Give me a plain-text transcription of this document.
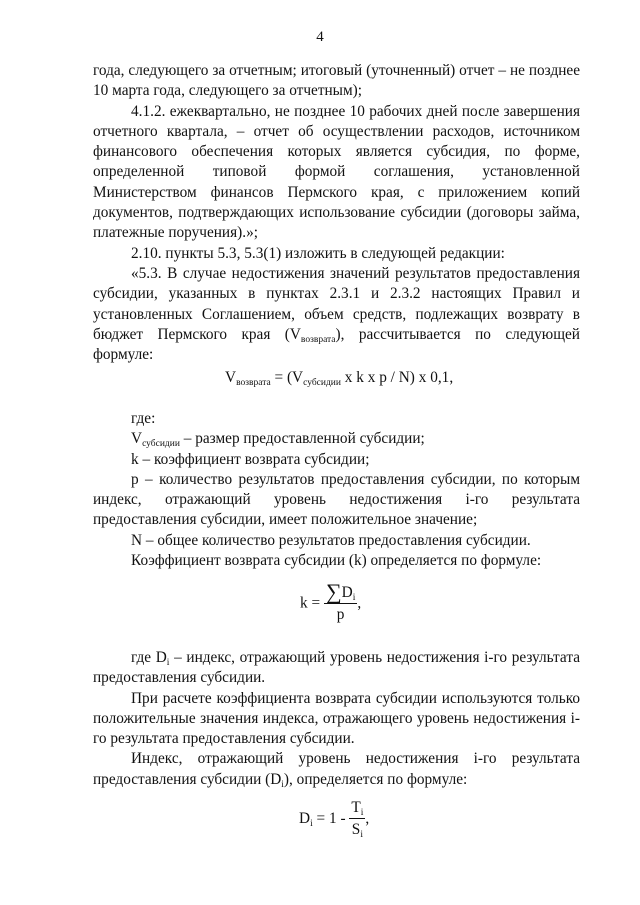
4

года, следующего за отчетным; итоговый (уточненный) отчет – не позднее 10 марта года, следующего за отчетным);

4.1.2. ежеквартально, не позднее 10 рабочих дней после завершения отчетного квартала, – отчет об осуществлении расходов, источником финансового обеспечения которых является субсидия, по форме, определенной типовой формой соглашения, установленной Министерством финансов Пермского края, с приложением копий документов, подтверждающих использование субсидии (договоры займа, платежные поручения).»;

2.10. пункты 5.3, 5.3(1) изложить в следующей редакции:

«5.3. В случае недостижения значений результатов предоставления субсидии, указанных в пунктах 2.3.1 и 2.3.2 настоящих Правил и установленных Соглашением, объем средств, подлежащих возврату в бюджет Пермского края $(V_{возврата})$, рассчитывается по следующей формуле:

$V_{возврата} = (V_{субсидии}$ x k x p / N) x 0,1,

где:

$V_{субсидии}$ – размер предоставленной субсидии;

k – коэффициент возврата субсидии;

p – количество результатов предоставления субсидии, по которым индекс, отражающий уровень недостижения i-го результата предоставления субсидии, имеет положительное значение;

N – общее количество результатов предоставления субсидии.

Коэффициент возврата субсидии (k) определяется по формуле:

$k = \frac{\sum D_i}{p}$ ,

где $D_i$ – индекс, отражающий уровень недостижения i-го результата предоставления субсидии.

При расчете коэффициента возврата субсидии используются только положительные значения индекса, отражающего уровень недостижения i-го результата предоставления субсидии.

Индекс, отражающий уровень недостижения i-го результата предоставления субсидии $(D_i)$, определяется по формуле:

$D_i = 1 - \frac{T_i}{S_i}$ ,
